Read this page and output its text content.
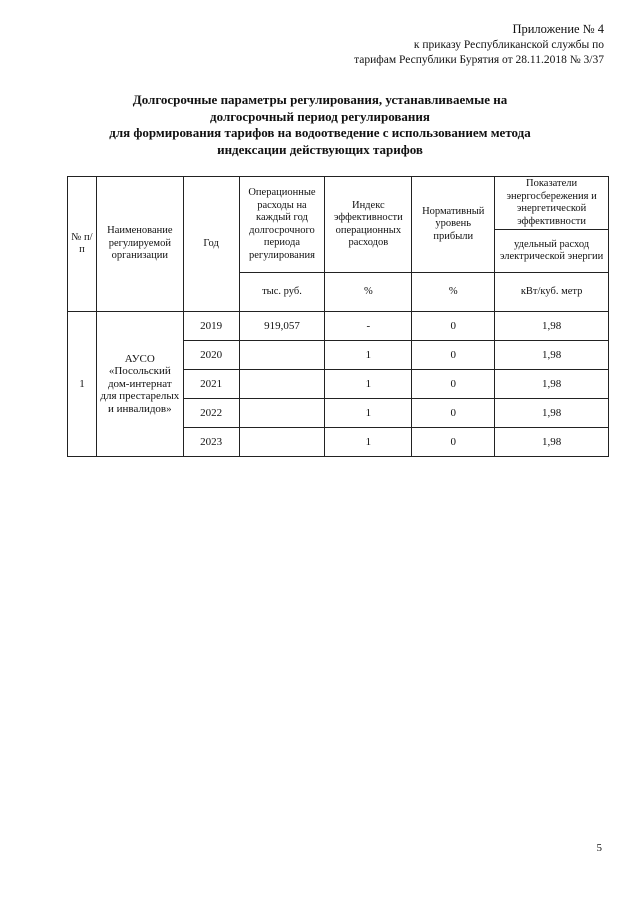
Приложение № 4
к приказу Республиканской службы по
тарифам Республики Бурятия от 28.11.2018 № 3/37
Долгосрочные параметры регулирования, устанавливаемые на
долгосрочный период регулирования
для формирования тарифов на водоотведение с использованием метода
индексации действующих тарифов
№ п/п	Наименование регулируемой организации	Год	Операционные расходы на каждый год долгосрочного периода регулирования	Индекс эффективности операционных расходов	Нормативный уровень прибыли	Показатели энергосбережения и энергетической эффективности
						удельный расход электрической энергии
			тыс. руб.	%	%	кВт/куб. метр
1	АУСО «Посольский дом-интернат для престарелых и инвалидов»	2019	919,057	-	0	1,98
		2020		1	0	1,98
		2021		1	0	1,98
		2022		1	0	1,98
		2023		1	0	1,98
5
